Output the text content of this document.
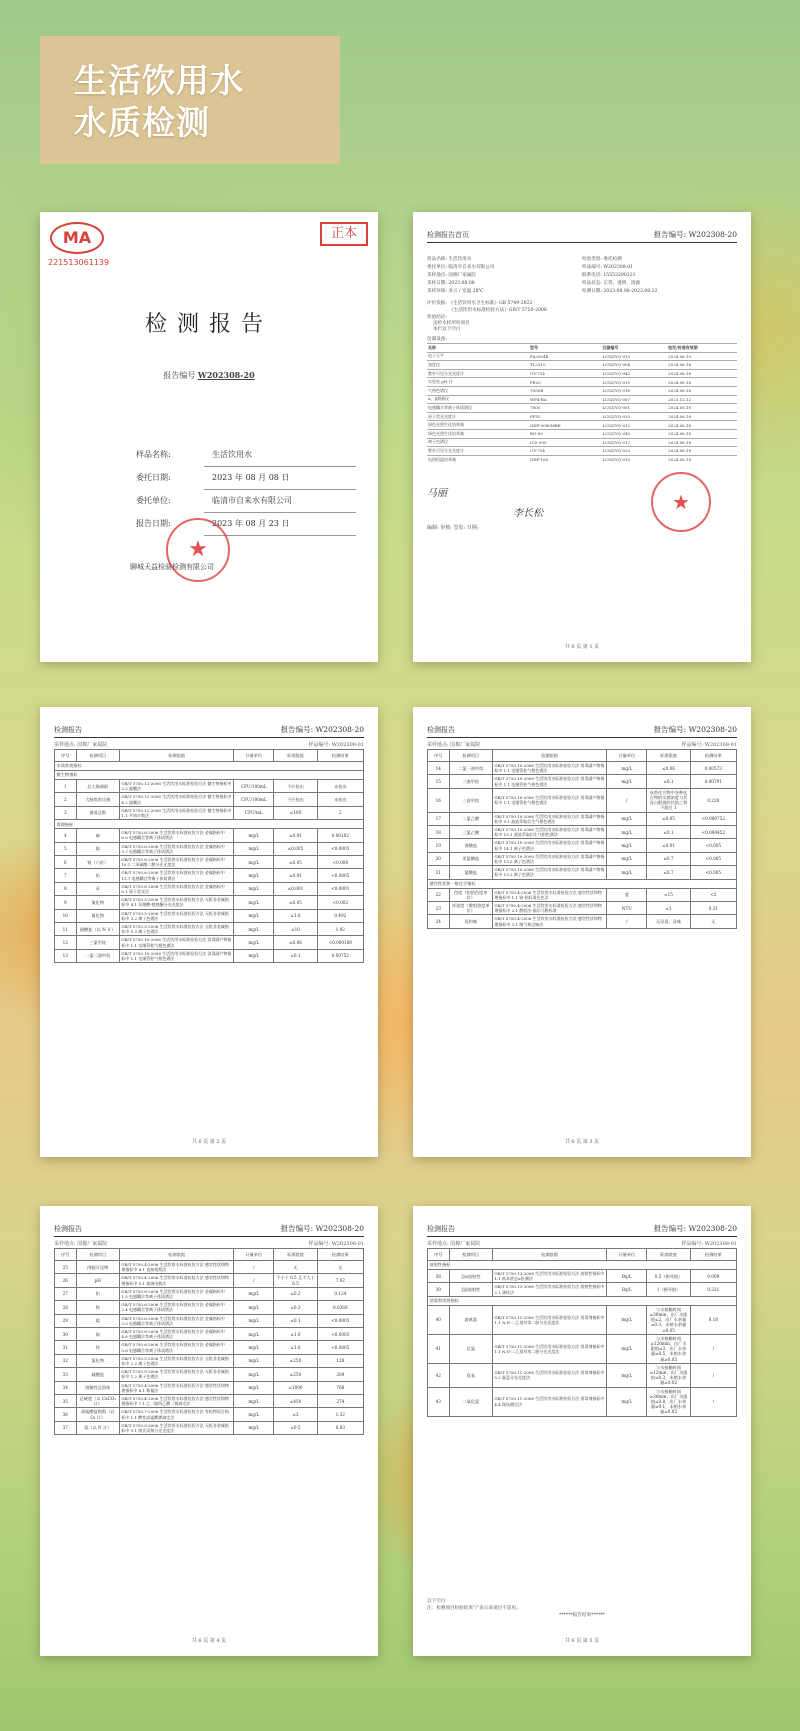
生活饮用水
水质检测
MA
221513061139
正本
检测报告
报告编号 W202308-20
样品名称:	生活饮用水
委托日期:	2023 年 08 月 08 日
委托单位:	临清市自来水有限公司
报告日期:	2023 年 08 月 23 日
★
聊城天益检验检测有限公司
检测报告首页	报告编号: W202308-20
样品名称: 生活饮用水	检验类别: 委托检测
委托单位: 临清市自来水有限公司	样品编号: W202308-01
采样地点: 国棉厂家属院	联系电话: 15553290321
采样日期: 2023.08.08	样品状态: 正常、透明、清澈
采样环境: 多云 / 室温 28℃	检测日期: 2023.08.08-2023.08.22
评价依据: 《生活饮用水卫生标准》GB 5749-2022
《生活饮用水标准检验方法》GB/T 5750-2006
检验结论:
送检水样所检项目
本栏以下空白
仪器设备:
名称	型号	仪器编号	检定/校准有效期
电子天平	FA2004B	LCSZ/YQ-013	2024.06.19
浊度仪	TL2310	LCSZ/YQ-004	2024.06.16
紫外可见分光光度计	UV-754	LCSZ/YQ-042	2024.06.16
实验室 pH 计	FE20	LCSZ/YQ-015	2024.06.16
气相色谱仪	7890B	LCSZ/YQ-016	2024.06.16
α、β测量仪	WF4-RA	LCSZ/YQ-067	2023.12.12
电感耦合等离子体质谱仪	7800	LCSZ/YQ-001	2024.06.18
原子荧光光度计	PF52	LCSZ/YQ-033	2024.06.18
绿色光照生化培养箱	GHP-9080MBE	LCSZ/YQ-012	2024.06.18
绿色光照生化培养箱	BG-80	LCSZ/YQ-040	2024.06.18
离子色谱仪	ICS-900	LCSZ/YQ-017	2024.06.18
紫外可见分光光度计	UV-754	LCSZ/YQ-023	2024.06.18
电热恒温培养箱	DHP-160	LCSZ/YQ-010	2024.06.18
马丽	★
李长松
编制: 审核: 签发: 日期:
共 6 页 第 1 页
检测报告	报告编号: W202308-20
采样地点: 国棉厂家属院	样品编号: W202308-01
序号	检测项目	检测依据	计量单位	标准限值	检测结果
水质常规指标					
微生物指标					
1	总大肠菌群	GB/T 5750.12-2006 生活饮用水标准检验方法 微生物指标中 2.2 滤膜法	CFU/100mL	不应检出	未检出
2	大肠埃希氏菌	GB/T 5750.12-2006 生活饮用水标准检验方法 微生物指标中 4.2 滤膜法	CFU/100mL	不应检出	未检出
3	菌落总数	GB/T 5750.12-2006 生活饮用水标准检验方法 微生物指标中 1.1 平皿计数法	CFU/mL	≤100	2
毒理指标					
4	砷	GB/T 5750.6-2006 生活饮用水标准检验方法 金属指标中 6.6 电感耦合等离子体质谱法	mg/L	≤0.01	0.00182
5	镉	GB/T 5750.6-2006 生活饮用水标准检验方法 金属指标中 9.7 电感耦合等离子体质谱法	mg/L	≤0.005	<0.0005
6	铬（六价）	GB/T 5750.6-2006 生活饮用水标准检验方法 金属指标中 10.1 二苯碳酰二肼分光光度法	mg/L	≤0.05	<0.004
7	铅	GB/T 5750.6-2006 生活饮用水标准检验方法 金属指标中 11.7 电感耦合等离子体质谱法	mg/L	≤0.01	<0.0005
8	汞	GB/T 5750.6-2006 生活饮用水标准检验方法 金属指标中 8.1 原子荧光法	mg/L	≤0.001	<0.0001
9	氰化物	GB/T 5750.5-2006 生活饮用水标准检验方法 无机非金属指标中 4.1 异烟酸-吡唑酮分光光度法	mg/L	≤0.05	<0.002
10	氟化物	GB/T 5750.5-2006 生活饮用水标准检验方法 无机非金属指标中 3.2 离子色谱法	mg/L	≤1.0	0.492
11	硝酸盐（以 N 计）	GB/T 5750.5-2006 生活饮用水标准检验方法 无机非金属指标中 5.3 离子色谱法	mg/L	≤10	1.92
12	三氯甲烷	GB/T 5750.10-2006 生活饮用水标准检验方法 消毒副产物指标中 1.1 毛细管柱气相色谱法	mg/L	≤0.06	<0.000180
13	一氯二溴甲烷	GB/T 5750.10-2006 生活饮用水标准检验方法 消毒副产物指标中 1.1 毛细管柱气相色谱法	mg/L	≤0.1	0.00752
共 6 页 第 2 页
检测报告	报告编号: W202308-20
采样地点: 国棉厂家属院	样品编号: W202308-01
序号	检测项目	检测依据	计量单位	标准限值	检测结果
14	二氯一溴甲烷	GB/T 5750.10-2006 生活饮用水标准检验方法 消毒副产物指标中 1.1 毛细管柱气相色谱法	mg/L	≤0.06	0.00573
15	三溴甲烷	GB/T 5750.10-2006 生活饮用水标准检验方法 消毒副产物指标中 1.1 毛细管柱气相色谱法	mg/L	≤0.1	0.00791
16	三卤甲烷	GB/T 5750.10-2006 生活饮用水标准检验方法 消毒副产物指标中 1.1 毛细管柱气相色谱法	/	该类化合物中各种化合物的实测浓度与其各自限值的比值之和不超过 1	0.220
17	二氯乙酸	GB/T 5750.10-2006 生活饮用水标准检验方法 消毒副产物指标中 9.1 液液萃取衍生气相色谱法	mg/L	≤0.05	<0.000752
18	三氯乙酸	GB/T 5750.10-2006 生活饮用水标准检验方法 消毒副产物指标中 10.1 液液萃取衍生气相色谱法	mg/L	≤0.1	<0.000452
19	溴酸盐	GB/T 5750.10-2006 生活饮用水标准检验方法 消毒副产物指标中 14.1 离子色谱法	mg/L	≤0.01	<0.005
20	亚氯酸盐	GB/T 5750.10-2006 生活饮用水标准检验方法 消毒副产物指标中 13.2 离子色谱法	mg/L	≤0.7	<0.005
21	氯酸盐	GB/T 5750.10-2006 生活饮用水标准检验方法 消毒副产物指标中 13.2 离子色谱法	mg/L	≤0.7	<0.005
感官性状和一般化学指标					
22	色度（铂钴色度单位）	GB/T 5750.4-2006 生活饮用水标准检验方法 感官性状和物理指标中 1.1 铂-钴标准比色法	度	≤15	<5
23	浑浊度（散射浊度单位）	GB/T 5750.4-2006 生活饮用水标准检验方法 感官性状和物理指标中 2.1 散射法-福尔马肼标准	NTU	≤1	0.31
24	臭和味	GB/T 5750.4-2006 生活饮用水标准检验方法 感官性状和物理指标中 3.1 嗅气和尝味法	/	无异臭、异味	无
共 6 页 第 3 页
检测报告	报告编号: W202308-20
采样地点: 国棉厂家属院	样品编号: W202308-01
序号	检测项目	检测依据	计量单位	标准限值	检测结果
25	肉眼可见物	GB/T 5750.4-2006 生活饮用水标准检验方法 感官性状和物理指标中 4.1 直接观察法	/	无	无
26	pH	GB/T 5750.4-2006 生活饮用水标准检验方法 感官性状和物理指标中 5.1 玻璃电极法	/	不小于 6.5 且不大于 8.5	7.92
27	铝	GB/T 5750.6-2006 生活饮用水标准检验方法 金属指标中 1.5 电感耦合等离子体质谱法	mg/L	≤0.2	0.124
28	铁	GB/T 5750.6-2006 生活饮用水标准检验方法 金属指标中 2.4 电感耦合等离子体质谱法	mg/L	≤0.3	0.0368
29	锰	GB/T 5750.6-2006 生活饮用水标准检验方法 金属指标中 3.5 电感耦合等离子体质谱法	mg/L	≤0.1	<0.0005
30	铜	GB/T 5750.6-2006 生活饮用水标准检验方法 金属指标中 4.6 电感耦合等离子体质谱法	mg/L	≤1.0	<0.0005
31	锌	GB/T 5750.6-2006 生活饮用水标准检验方法 金属指标中 5.6 电感耦合等离子体质谱法	mg/L	≤1.0	<0.0005
32	氯化物	GB/T 5750.5-2006 生活饮用水标准检验方法 无机非金属指标中 2.2 离子色谱法	mg/L	≤250	128
33	硫酸盐	GB/T 5750.5-2006 生活饮用水标准检验方法 无机非金属指标中 1.2 离子色谱法	mg/L	≤250	209
34	溶解性总固体	GB/T 5750.4-2006 生活饮用水标准检验方法 感官性状和物理指标中 8.1 称量法	mg/L	≤1000	768
35	总硬度（以 CaCO₃ 计）	GB/T 5750.4-2006 生活饮用水标准检验方法 感官性状和物理指标中 7.1 乙二胺四乙酸二钠滴定法	mg/L	≤450	274
36	高锰酸盐指数（以 O₂ 计）	GB/T 5750.7-2006 生活饮用水标准检验方法 有机物综合指标中 1.1 酸性高锰酸钾滴定法	mg/L	≤3	1.32
37	氨（以 N 计）	GB/T 5750.5-2006 生活饮用水标准检验方法 无机非金属指标中 9.1 纳氏试剂分光光度法	mg/L	≤0.5	0.03
共 6 页 第 4 页
检测报告	报告编号: W202308-20
采样地点: 国棉厂家属院	样品编号: W202308-01
序号	检测项目	检测依据	计量单位	标准限值	检测结果
放射性指标					
38	总α放射性	GB/T 5750.13-2006 生活饮用水标准检验方法 放射性指标中 1.1 低本底总α检测法	Bq/L	0.5（指导值）	0.009
39	总β放射性	GB/T 5750.13-2006 生活饮用水标准检验方法 放射性指标中 2.1 薄样法	Bq/L	1（指导值）	0.221
消毒剂常规指标					
40	游离氯	GB/T 5750.11-2006 生活饮用水标准检验方法 消毒剂指标中 1.1 N,N-二乙基对苯二胺分光光度法	mg/L	与水接触时间≥30min，出厂水限值≤2，出厂水余量≥0.3，末梢水余量≥0.05	0.18
41	总氯	GB/T 5750.11-2006 生活饮用水标准检验方法 消毒剂指标中 1.1 N,N-二乙基对苯二胺分光光度法	mg/L	与水接触时间≥120min，出厂水限值≤3，出厂水余量≥0.5，末梢水余量≥0.05	/
42	臭氧	GB/T 5750.11-2006 生活饮用水标准检验方法 消毒剂指标中 5.2 靛蓝分光光度法	mg/L	与水接触时间≥12min，出厂水限值≤0.3，末梢水余量≥0.02	/
43	二氧化氯	GB/T 5750.11-2006 生活饮用水标准检验方法 消毒剂指标中 4.4 现场测定法	mg/L	与水接触时间≥30min，出厂水限值≤0.8，出厂水余量≥0.1，末梢水余量≥0.02	/
以下空白
注：检测项目检验结果“/”表示该项目不适用。
******报告结束******
共 6 页 第 5 页
